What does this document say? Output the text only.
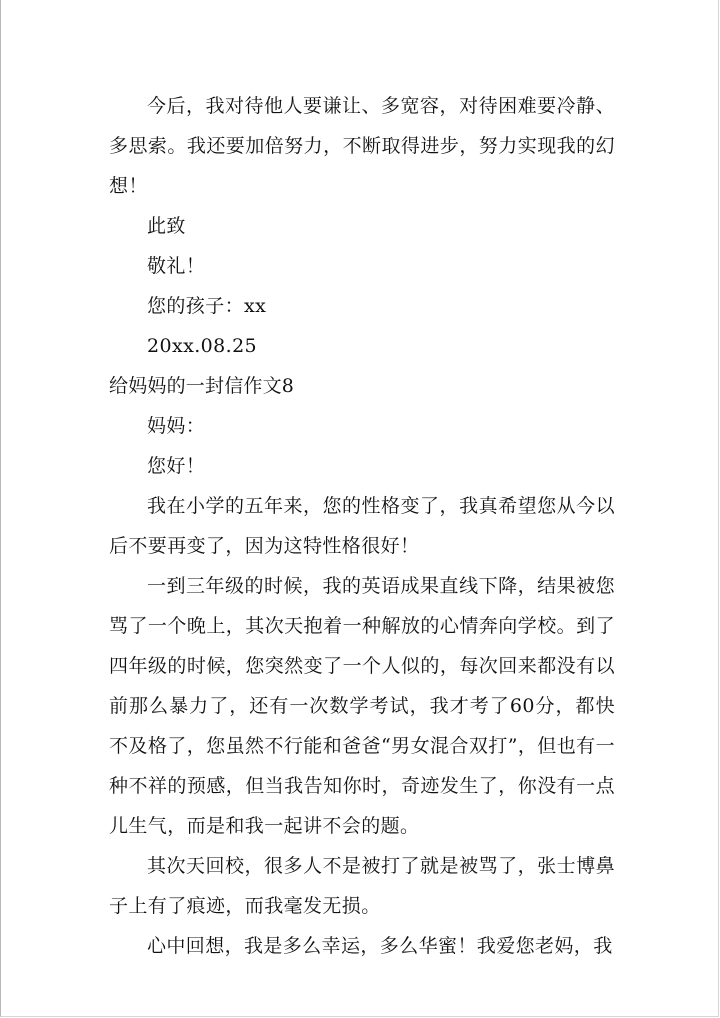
今后，我对待他人要谦让、多宽容，对待困难要冷静、多思索。我还要加倍努力，不断取得进步，努力实现我的幻想！

此致

敬礼！

您的孩子：xx

20xx.08.25

给妈妈的一封信作文8

妈妈：

您好！

我在小学的五年来，您的性格变了，我真希望您从今以后不要再变了，因为这特性格很好！

一到三年级的时候，我的英语成果直线下降，结果被您骂了一个晚上，其次天抱着一种解放的心情奔向学校。到了四年级的时候，您突然变了一个人似的，每次回来都没有以前那么暴力了，还有一次数学考试，我才考了60分，都快不及格了，您虽然不行能和爸爸“男女混合双打”，但也有一种不祥的预感，但当我告知你时，奇迹发生了，你没有一点儿生气，而是和我一起讲不会的题。

其次天回校，很多人不是被打了就是被骂了，张士博鼻子上有了痕迹，而我毫发无损。

心中回想，我是多么幸运，多么华蜜！我爱您老妈，我
